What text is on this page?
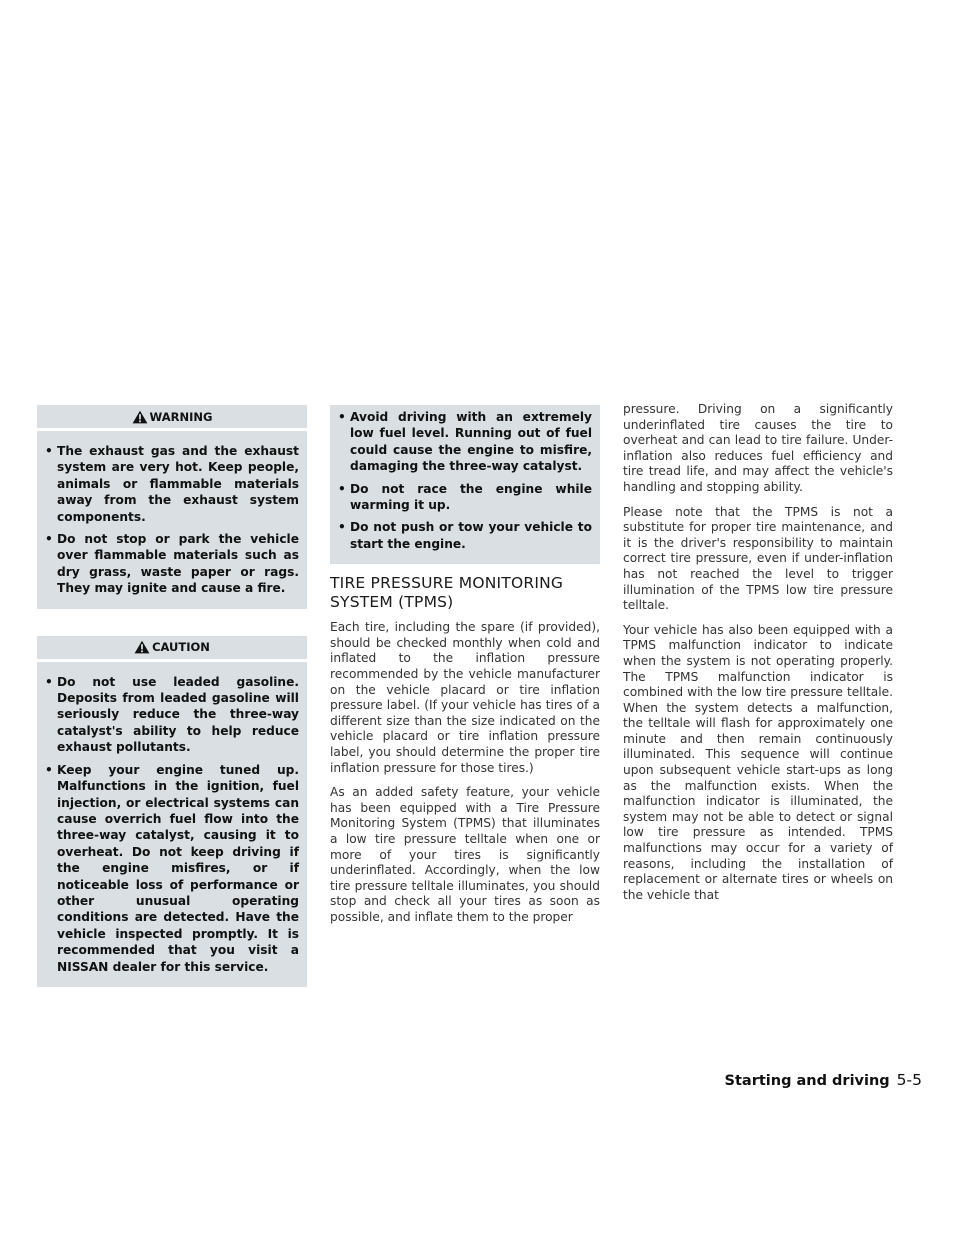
WARNING
• The exhaust gas and the exhaust system are very hot. Keep people, animals or flammable materials away from the exhaust system components.
• Do not stop or park the vehicle over flammable materials such as dry grass, waste paper or rags. They may ignite and cause a fire.
CAUTION
• Do not use leaded gasoline. Deposits from leaded gasoline will seriously reduce the three-way catalyst's ability to help reduce exhaust pollutants.
• Keep your engine tuned up. Malfunctions in the ignition, fuel injection, or electrical systems can cause overrich fuel flow into the three-way catalyst, causing it to overheat. Do not keep driving if the engine misfires, or if noticeable loss of performance or other unusual operating conditions are detected. Have the vehicle inspected promptly. It is recommended that you visit a NISSAN dealer for this service.
• Avoid driving with an extremely low fuel level. Running out of fuel could cause the engine to misfire, damaging the three-way catalyst.
• Do not race the engine while warming it up.
• Do not push or tow your vehicle to start the engine.
TIRE PRESSURE MONITORING
SYSTEM (TPMS)

Each tire, including the spare (if provided), should be checked monthly when cold and inflated to the inflation pressure recommended by the vehicle manufacturer on the vehicle placard or tire inflation pressure label. (If your vehicle has tires of a different size than the size indicated on the vehicle placard or tire inflation pressure label, you should determine the proper tire inflation pressure for those tires.)

As an added safety feature, your vehicle has been equipped with a Tire Pressure Monitoring System (TPMS) that illuminates a low tire pressure telltale when one or more of your tires is significantly underinflated. Accordingly, when the low tire pressure telltale illuminates, you should stop and check all your tires as soon as possible, and inflate them to the proper

pressure. Driving on a significantly underinflated tire causes the tire to overheat and can lead to tire failure. Under-inflation also reduces fuel efficiency and tire tread life, and may affect the vehicle's handling and stopping ability.

Please note that the TPMS is not a substitute for proper tire maintenance, and it is the driver's responsibility to maintain correct tire pressure, even if under-inflation has not reached the level to trigger illumination of the TPMS low tire pressure telltale.

Your vehicle has also been equipped with a TPMS malfunction indicator to indicate when the system is not operating properly. The TPMS malfunction indicator is combined with the low tire pressure telltale. When the system detects a malfunction, the telltale will flash for approximately one minute and then remain continuously illuminated. This sequence will continue upon subsequent vehicle start-ups as long as the malfunction exists. When the malfunction indicator is illuminated, the system may not be able to detect or signal low tire pressure as intended. TPMS malfunctions may occur for a variety of reasons, including the installation of replacement or alternate tires or wheels on the vehicle that

Starting and driving 5-5
